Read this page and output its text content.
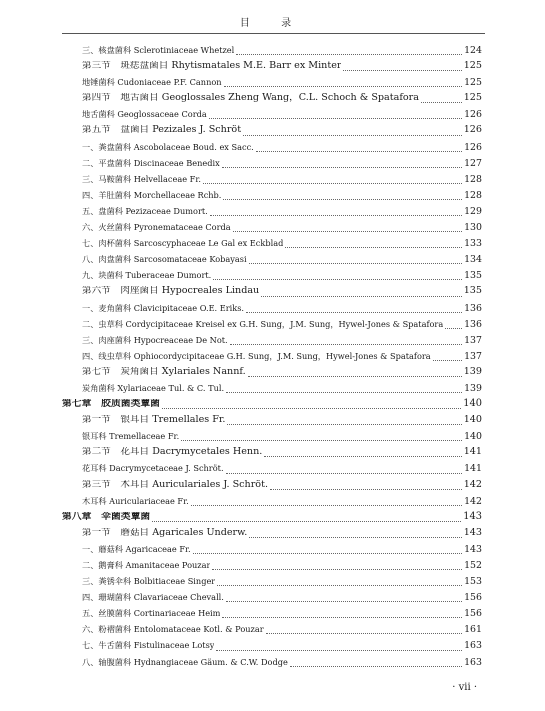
目 录
三、核盘菌科 Sclerotiniaceae Whetzel	124
第三节　斑痣盘菌目 Rhytismatales M.E. Barr ex Minter	125
地锤菌科 Cudoniaceae P.F. Cannon	125
第四节　地舌菌目 Geoglossales Zheng Wang，C.L. Schoch & Spatafora	125
地舌菌科 Geoglossaceae Corda	126
第五节　盘菌目 Pezizales J. Schröt	126
一、粪盘菌科 Ascobolaceae Boud. ex Sacc.	126
二、平盘菌科 Discinaceae Benedix	127
三、马鞍菌科 Helvellaceae Fr.	128
四、羊肚菌科 Morchellaceae Rchb.	128
五、盘菌科 Pezizaceae Dumort.	129
六、火丝菌科 Pyronemataceae Corda	130
七、肉杯菌科 Sarcoscyphaceae Le Gal ex Eckblad	133
八、肉盘菌科 Sarcosomataceae Kobayasi	134
九、块菌科 Tuberaceae Dumort.	135
第六节　肉座菌目 Hypocreales Lindau	135
一、麦角菌科 Clavicipitaceae O.E. Eriks.	136
二、虫草科 Cordycipitaceae Kreisel ex G.H. Sung，J.M. Sung，Hywel-Jones & Spatafora 136
三、肉座菌科 Hypocreaceae De Not.	137
四、线虫草科 Ophiocordycipitaceae G.H. Sung，J.M. Sung，Hywel-Jones & Spatafora	137
第七节　炭角菌目 Xylariales Nannf.	139
炭角菌科 Xylariaceae Tul. & C. Tul.	139
第七章　胶质菌类蕈菌	140
第一节　银耳目 Tremellales Fr.	140
银耳科 Tremellaceae Fr.	140
第二节　花耳目 Dacrymycetales Henn.	141
花耳科 Dacrymycetaceae J. Schröt.	141
第三节　木耳目 Auriculariales J. Schröt.	142
木耳科 Auriculariaceae Fr.	142
第八章　伞菌类蕈菌	143
第一节　蘑菇目 Agaricales Underw.	143
一、蘑菇科 Agaricaceae Fr.	143
二、鹅膏科 Amanitaceae Pouzar	152
三、粪锈伞科 Bolbitiaceae Singer	153
四、珊瑚菌科 Clavariaceae Chevall.	156
五、丝膜菌科 Cortinariaceae Heim	156
六、粉褶菌科 Entolomataceae Kotl. & Pouzar	161
七、牛舌菌科 Fistulinaceae Lotsy	163
八、轴腹菌科 Hydnangiaceae Gäum. & C.W. Dodge	163
· vii ·
